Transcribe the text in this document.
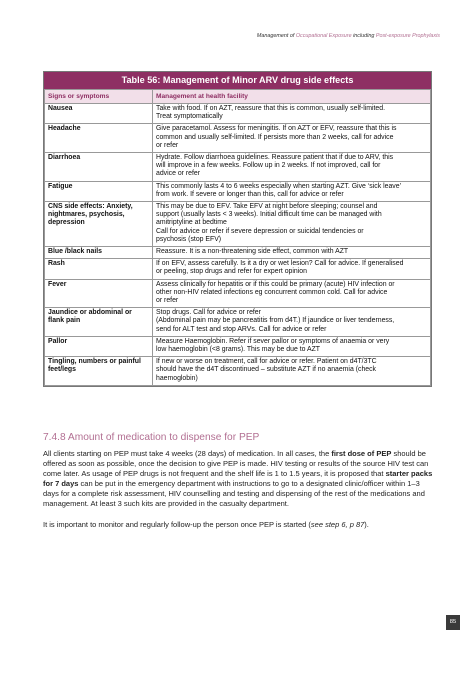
Management of Occupational Exposure including Post-exposure Prophylaxis
Table 56: Management of Minor ARV drug side effects
Signs or symptoms	Management at health facility
Nausea	Take with food. If on AZT, reassure that this is common, usually self-limited.
Treat symptomatically

Headache	Give paracetamol. Assess for meningitis. If on AZT or EFV, reassure that this is
common and usually self-limited. If persists more than 2 weeks, call for advice
or refer

Diarrhoea	Hydrate. Follow diarrhoea guidelines. Reassure patient that if due to ARV, this
will improve in a few weeks. Follow up in 2 weeks. If not improved, call for
advice or refer

Fatigue	This commonly lasts 4 to 6 weeks especially when starting AZT. Give ‘sick leave’
from work. If severe or longer than this, call for advice or refer

CNS side effects: Anxiety, nightmares, psychosis, depression	This may be due to EFV. Take EFV at night before sleeping; counsel and
support (usually lasts < 3 weeks). Initial difficult time can be managed with
amitriptyline at bedtime
Call for advice or refer if severe depression or suicidal tendencies or
psychosis (stop EFV)

Blue /black nails	Reassure. It is a non-threatening side effect, common with AZT

Rash	If on EFV, assess carefully. Is it a dry or wet lesion? Call for advice. If generalised
or peeling, stop drugs and refer for expert opinion

Fever	Assess clinically for hepatitis or if this could be primary (acute) HIV infection or
other non-HIV related infections eg concurrent common cold. Call for advice
or refer

Jaundice or abdominal or flank pain	Stop drugs. Call for advice or refer
(Abdominal pain may be pancreatitis from d4T.) If jaundice or liver tenderness,
send for ALT test and stop ARVs. Call for advice or refer

Pallor	Measure Haemoglobin. Refer if sever pallor or symptoms of anaemia or very
low haemoglobin (<8 grams). This may be due to AZT

Tingling, numbers or painful feet/legs	If new or worse on treatment, call for advice or refer. Patient on d4T/3TC
should have the d4T discontinued – substitute AZT if no anaemia (check
haemoglobin)
7.4.8 Amount of medication to dispense for PEP

All clients starting on PEP must take 4 weeks (28 days) of medication. In all cases, the first dose of PEP should be offered as soon as possible, once the decision to give PEP is made. HIV testing or results of the source HIV test can come later. As usage of PEP drugs is not frequent and the shelf life is 1 to 1.5 years, it is proposed that starter packs for 7 days can be put in the emergency department with instructions to go to a designated clinic/officer within 1–3 days for a complete risk assessment, HIV counselling and testing and dispensing of the rest of the medications and management. At least 3 such kits are provided in the casualty department.

It is important to monitor and regularly follow-up the person once PEP is started (see step 6, p 87).

85
